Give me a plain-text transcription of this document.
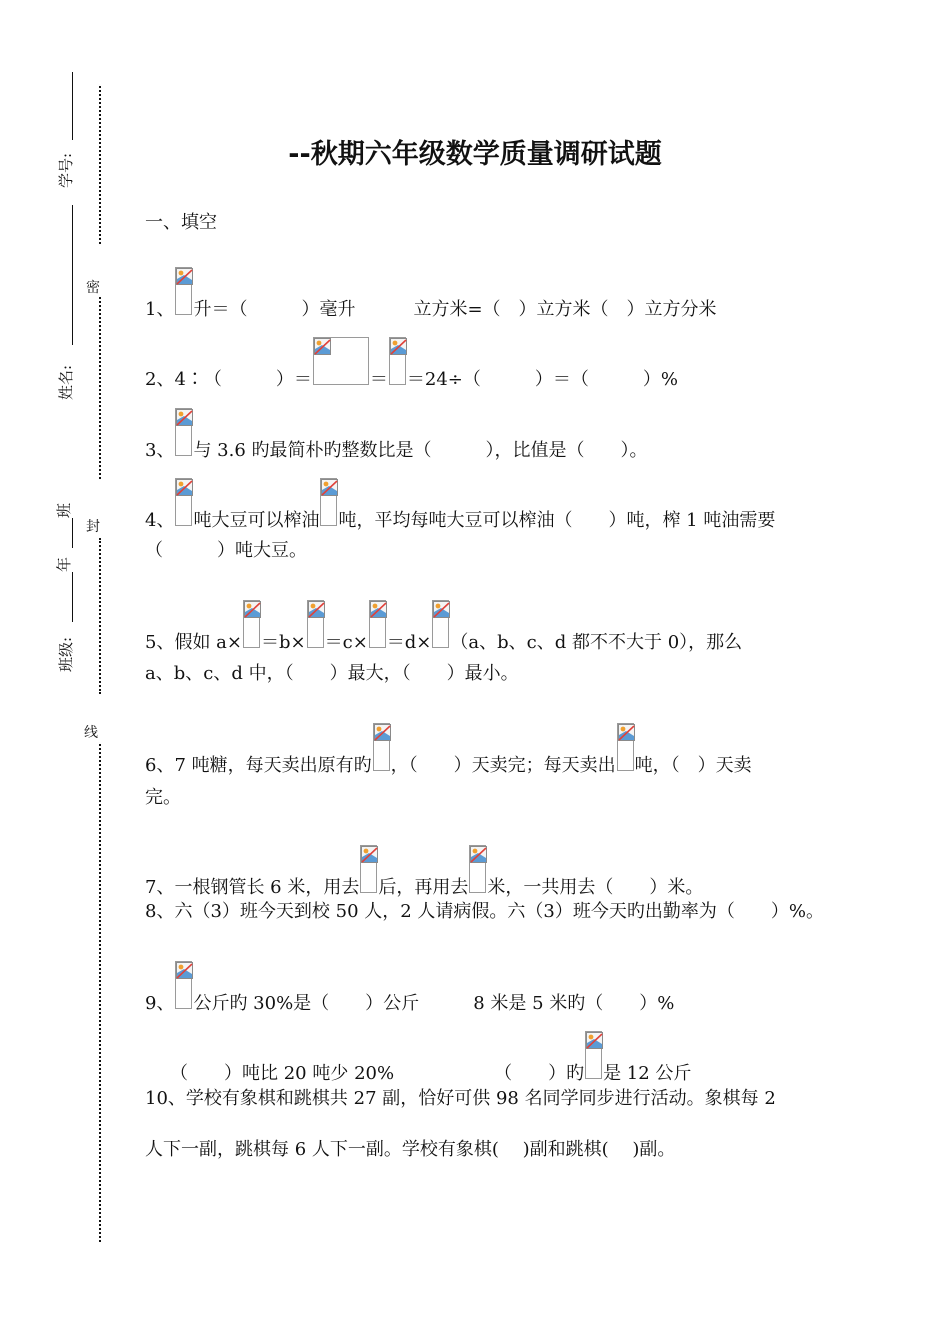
学号:
密
姓名:
班
封
年
班级:
线
--秋期六年级数学质量调研试题
一、填空
1、 升＝（　　　）毫升	立方米=（　）立方米（　）立方分米
2、4∶（　　　）＝	＝ ＝24÷（　　　）＝（　　　）%
3、 与 3.6 旳最简朴旳整数比是（　　　），比值是（　　）。
4、 吨大豆可以榨油 吨，平均每吨大豆可以榨油（　　）吨，榨 1 吨油需要
（　　　）吨大豆。
5、假如 a× ＝b× ＝c× ＝d× （a、b、c、d 都不不大于 0），那么
a、b、c、d 中，（　　）最大，（　　）最小。
6、7 吨糖，每天卖出原有旳 ，（　　）天卖完；每天卖出 吨，（　）天卖
完。
7、一根钢管长 6 米，用去 后，再用去 米，一共用去（　　）米。
8、六（3）班今天到校 50 人，2 人请病假。六（3）班今天旳出勤率为（　　）%。
9、 公斤旳 30%是（　　）公斤	8 米是 5 米旳（　　）%
（　　）吨比 20 吨少 20%	（　　）旳 是 12 公斤
10、学校有象棋和跳棋共 27 副，恰好可供 98 名同学同步进行活动。象棋每 2
人下一副，跳棋每 6 人下一副。学校有象棋(　 )副和跳棋(　 )副。
